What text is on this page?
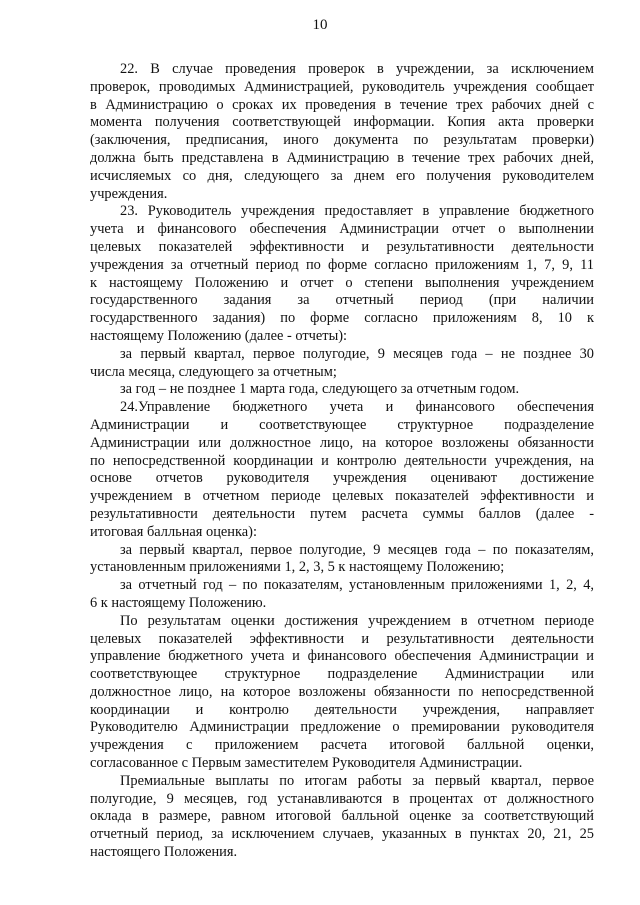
10
22. В случае проведения проверок в учреждении, за исключением
проверок, проводимых Администрацией, руководитель учреждения сообщает
в Администрацию о сроках их проведения в течение трех рабочих дней с
момента получения соответствующей информации. Копия акта проверки
(заключения, предписания, иного документа по результатам проверки)
должна быть представлена в Администрацию в течение трех рабочих дней,
исчисляемых со дня, следующего за днем его получения руководителем
учреждения.
23. Руководитель учреждения предоставляет в управление бюджетного
учета и финансового обеспечения Администрации отчет о выполнении
целевых показателей эффективности и результативности деятельности
учреждения за отчетный период по форме согласно приложениям 1, 7, 9, 11
к настоящему Положению и отчет о степени выполнения учреждением
государственного задания за отчетный период (при наличии
государственного задания) по форме согласно приложениям 8, 10 к
настоящему Положению (далее - отчеты):
за первый квартал, первое полугодие, 9 месяцев года – не позднее 30
числа месяца, следующего за отчетным;
за год – не позднее 1 марта года, следующего за отчетным годом.
24.Управление бюджетного учета и финансового обеспечения
Администрации и соответствующее структурное подразделение
Администрации или должностное лицо, на которое возложены обязанности
по непосредственной координации и контролю деятельности учреждения, на
основе отчетов руководителя учреждения оценивают достижение
учреждением в отчетном периоде целевых показателей эффективности и
результативности деятельности путем расчета суммы баллов (далее -
итоговая балльная оценка):
за первый квартал, первое полугодие, 9 месяцев года – по показателям,
установленным приложениями 1, 2, 3, 5 к настоящему Положению;
за отчетный год – по показателям, установленным приложениями 1, 2, 4,
6 к настоящему Положению.
По результатам оценки достижения учреждением в отчетном периоде
целевых показателей эффективности и результативности деятельности
управление бюджетного учета и финансового обеспечения Администрации и
соответствующее структурное подразделение Администрации или
должностное лицо, на которое возложены обязанности по непосредственной
координации и контролю деятельности учреждения, направляет
Руководителю Администрации предложение о премировании руководителя
учреждения с приложением расчета итоговой балльной оценки,
согласованное с Первым заместителем Руководителя Администрации.
Премиальные выплаты по итогам работы за первый квартал, первое
полугодие, 9 месяцев, год устанавливаются в процентах от должностного
оклада в размере, равном итоговой балльной оценке за соответствующий
отчетный период, за исключением случаев, указанных в пунктах 20, 21, 25
настоящего Положения.
